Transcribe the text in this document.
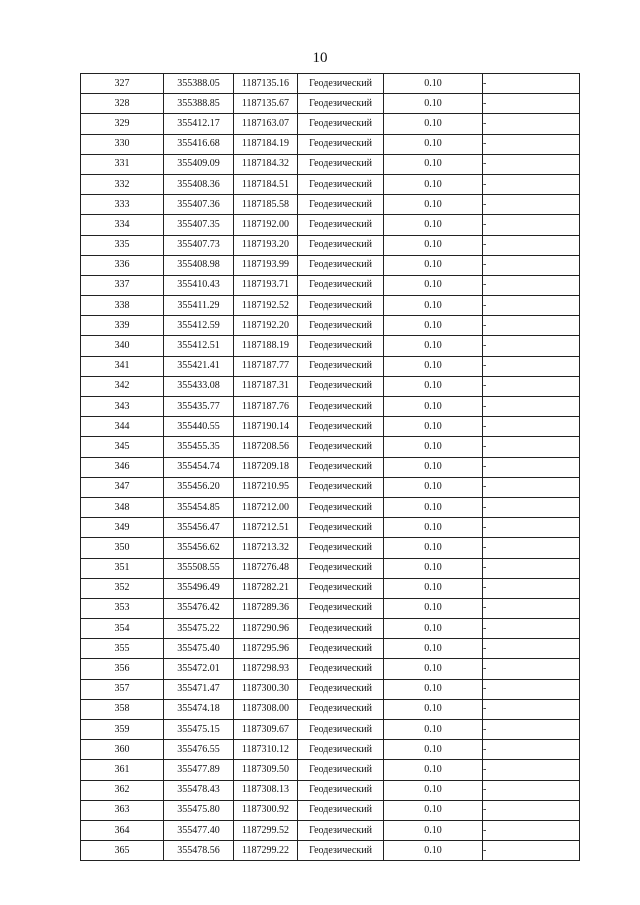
10
327	355388.05	1187135.16	Геодезический	0.10	-
328	355388.85	1187135.67	Геодезический	0.10	-
329	355412.17	1187163.07	Геодезический	0.10	-
330	355416.68	1187184.19	Геодезический	0.10	-
331	355409.09	1187184.32	Геодезический	0.10	-
332	355408.36	1187184.51	Геодезический	0.10	-
333	355407.36	1187185.58	Геодезический	0.10	-
334	355407.35	1187192.00	Геодезический	0.10	-
335	355407.73	1187193.20	Геодезический	0.10	-
336	355408.98	1187193.99	Геодезический	0.10	-
337	355410.43	1187193.71	Геодезический	0.10	-
338	355411.29	1187192.52	Геодезический	0.10	-
339	355412.59	1187192.20	Геодезический	0.10	-
340	355412.51	1187188.19	Геодезический	0.10	-
341	355421.41	1187187.77	Геодезический	0.10	-
342	355433.08	1187187.31	Геодезический	0.10	-
343	355435.77	1187187.76	Геодезический	0.10	-
344	355440.55	1187190.14	Геодезический	0.10	-
345	355455.35	1187208.56	Геодезический	0.10	-
346	355454.74	1187209.18	Геодезический	0.10	-
347	355456.20	1187210.95	Геодезический	0.10	-
348	355454.85	1187212.00	Геодезический	0.10	-
349	355456.47	1187212.51	Геодезический	0.10	-
350	355456.62	1187213.32	Геодезический	0.10	-
351	355508.55	1187276.48	Геодезический	0.10	-
352	355496.49	1187282.21	Геодезический	0.10	-
353	355476.42	1187289.36	Геодезический	0.10	-
354	355475.22	1187290.96	Геодезический	0.10	-
355	355475.40	1187295.96	Геодезический	0.10	-
356	355472.01	1187298.93	Геодезический	0.10	-
357	355471.47	1187300.30	Геодезический	0.10	-
358	355474.18	1187308.00	Геодезический	0.10	-
359	355475.15	1187309.67	Геодезический	0.10	-
360	355476.55	1187310.12	Геодезический	0.10	-
361	355477.89	1187309.50	Геодезический	0.10	-
362	355478.43	1187308.13	Геодезический	0.10	-
363	355475.80	1187300.92	Геодезический	0.10	-
364	355477.40	1187299.52	Геодезический	0.10	-
365	355478.56	1187299.22	Геодезический	0.10	-
